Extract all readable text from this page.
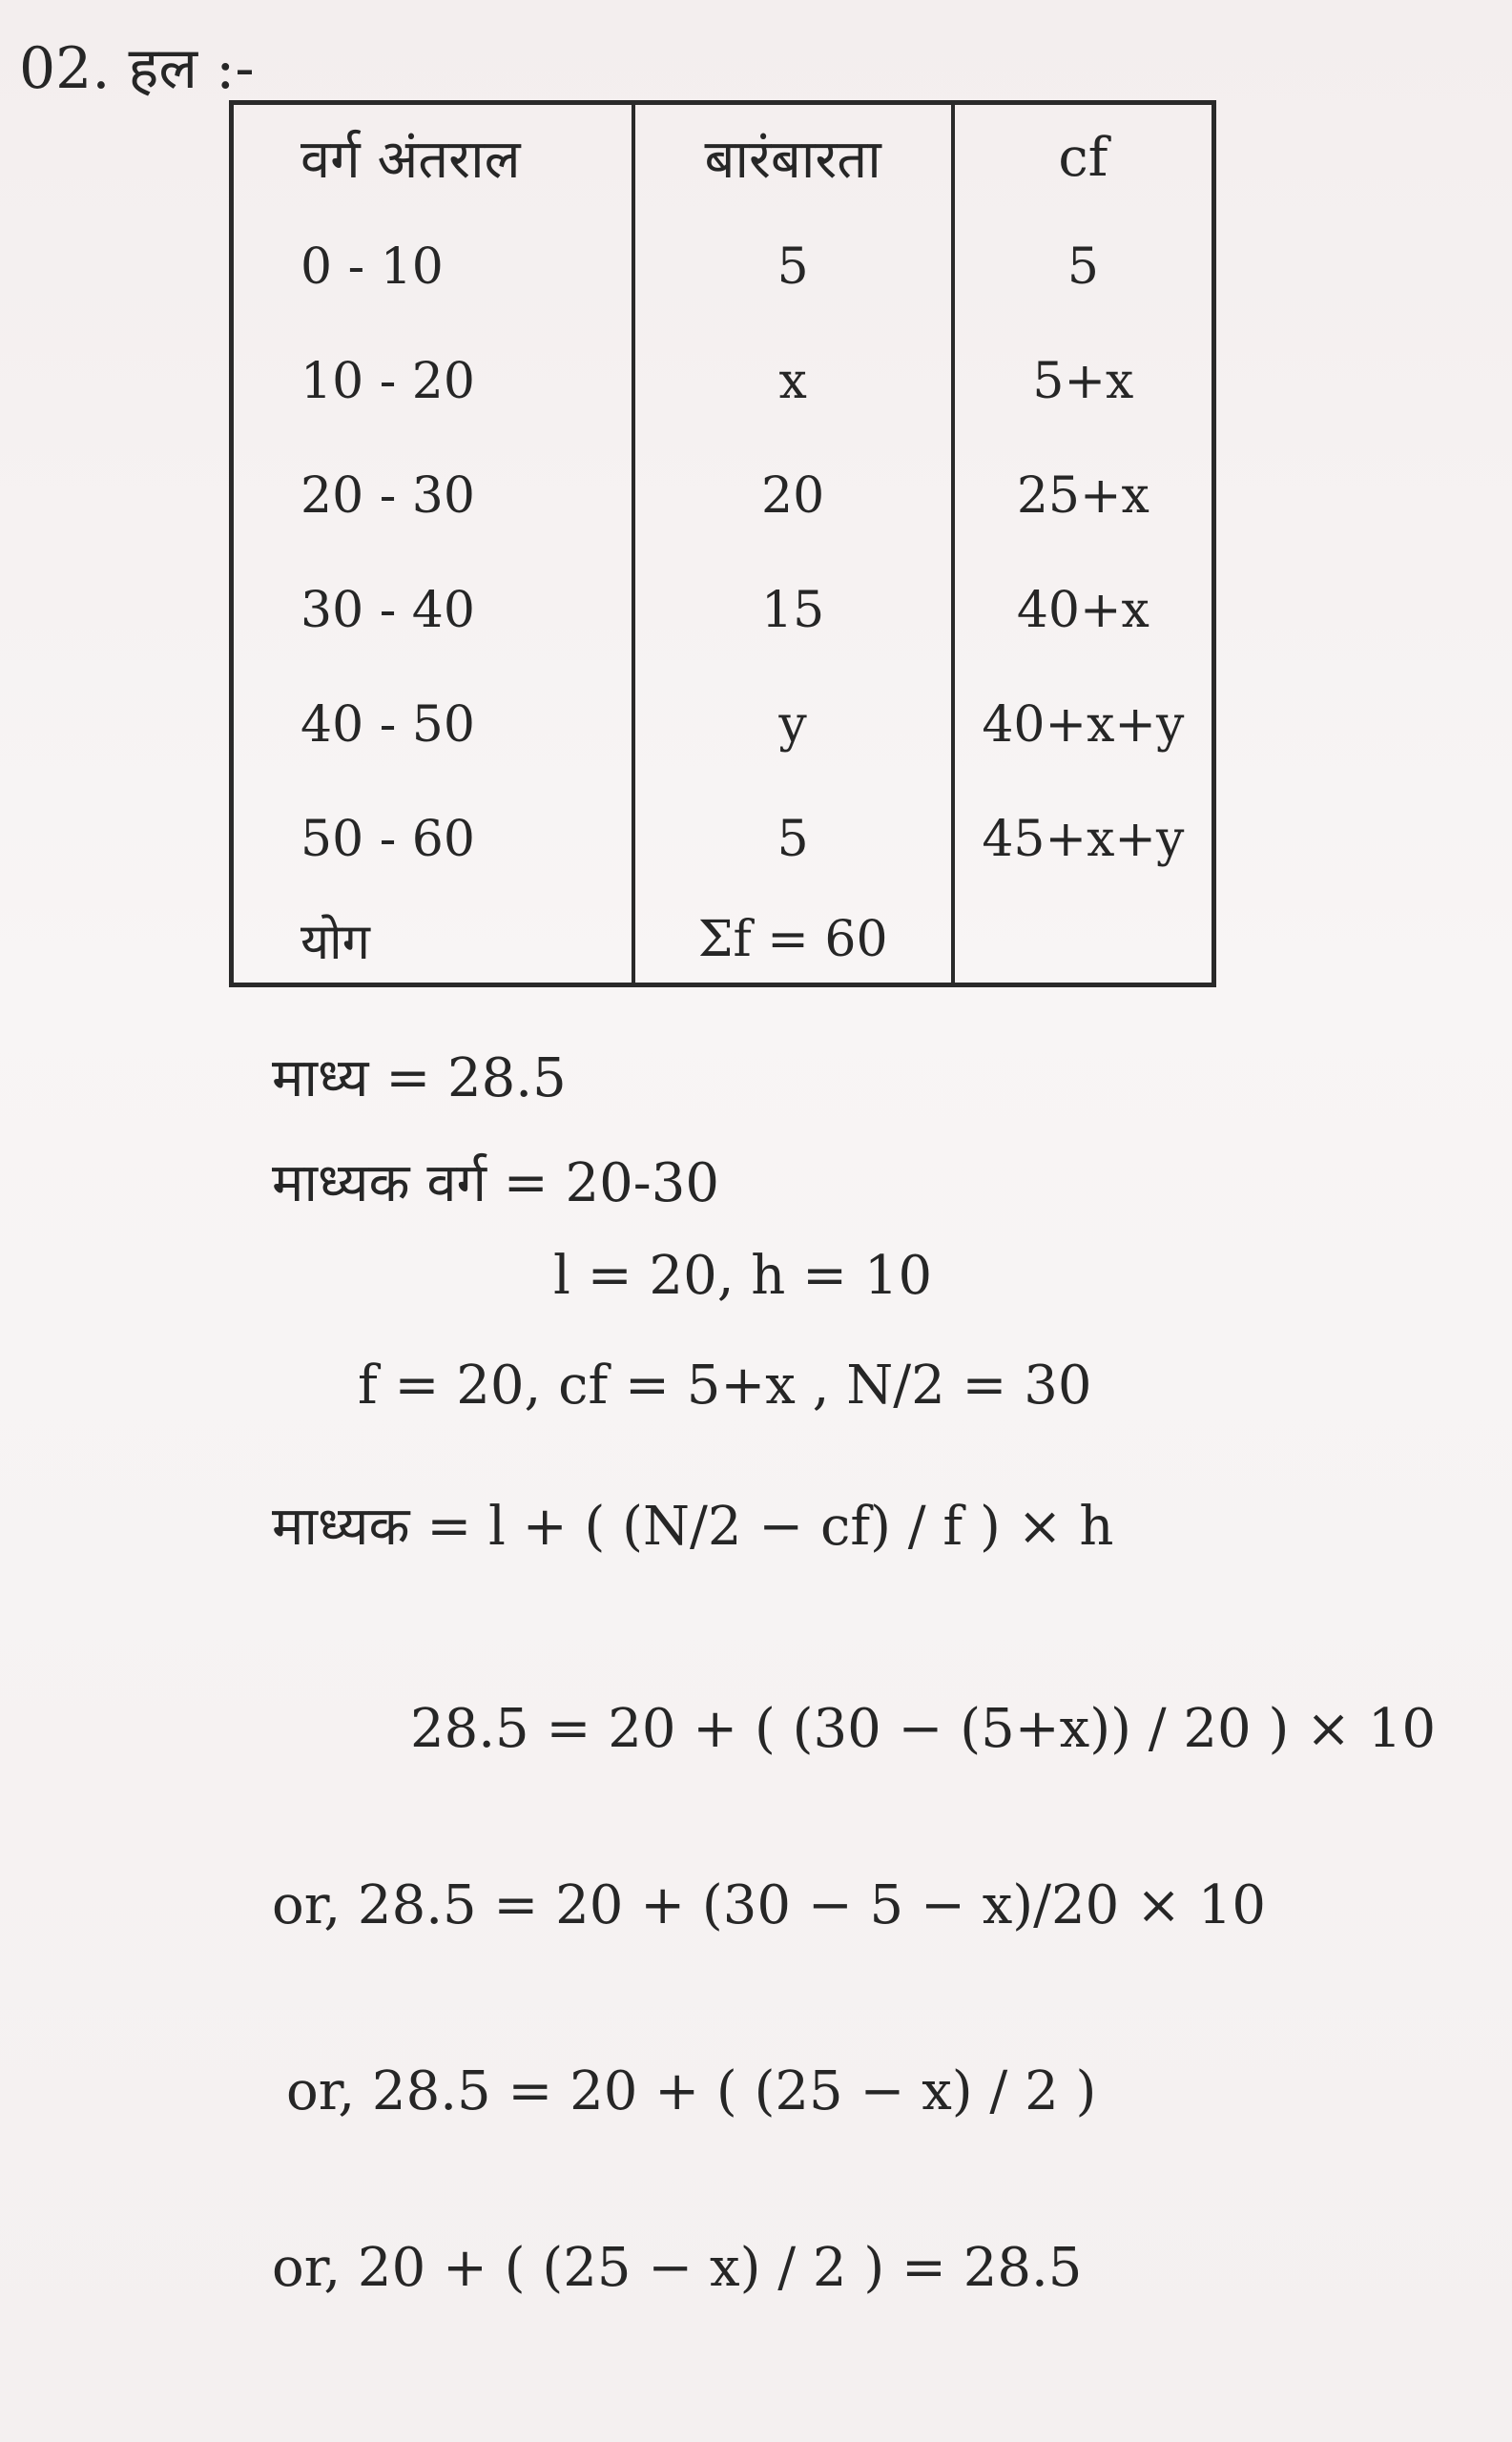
02. हल :-
वर्ग अंतराल	बारंबारता	cf
0 - 10	5	5
10 - 20	x	5+x
20 - 30	20	25+x
30 - 40	15	40+x
40 - 50	y	40+x+y
50 - 60	5	45+x+y
योग	Σf = 60	
माध्य = 28.5
माध्यक वर्ग = 20-30
l = 20, h = 10
f = 20, cf = 5+x , N/2 = 30
माध्यक = l + ( (N/2 − cf) / f ) × h
28.5 = 20 + ( (30 − (5+x)) / 20 ) × 10
or, 28.5 = 20 + (30 − 5 − x)/20 × 10
or, 28.5 = 20 + ( (25 − x) / 2 )
or, 20 + ( (25 − x) / 2 ) = 28.5
